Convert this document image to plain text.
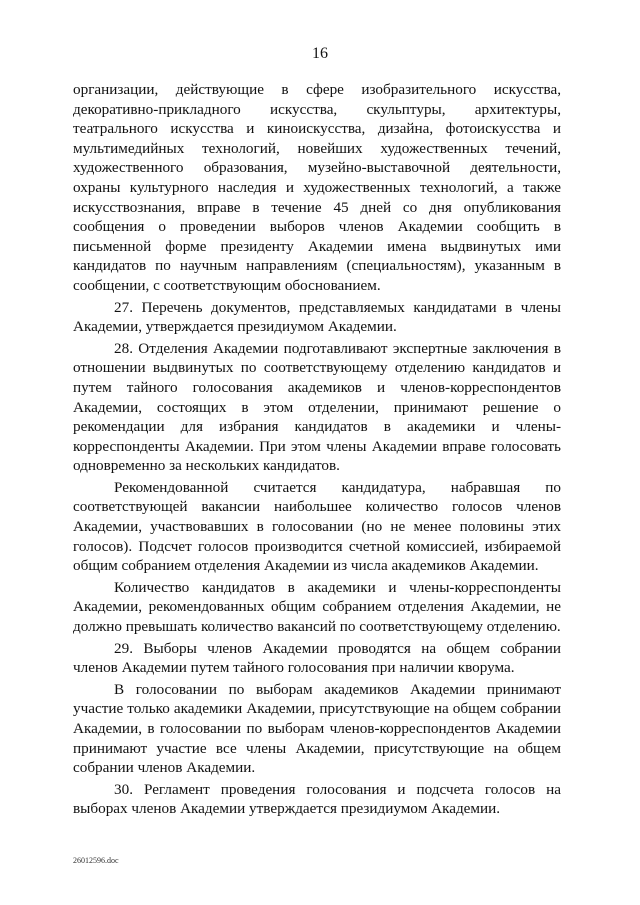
16

организации, действующие в сфере изобразительного искусства, декоративно-прикладного искусства, скульптуры, архитектуры, театрального искусства и киноискусства, дизайна, фотоискусства и мультимедийных технологий, новейших художественных течений, художественного образования, музейно-выставочной деятельности, охраны культурного наследия и художественных технологий, а также искусствознания, вправе в течение 45 дней со дня опубликования сообщения о проведении выборов членов Академии сообщить в письменной форме президенту Академии имена выдвинутых ими кандидатов по научным направлениям (специальностям), указанным в сообщении, с соответствующим обоснованием.

27. Перечень документов, представляемых кандидатами в члены Академии, утверждается президиумом Академии.

28. Отделения Академии подготавливают экспертные заключения в отношении выдвинутых по соответствующему отделению кандидатов и путем тайного голосования академиков и членов-корреспондентов Академии, состоящих в этом отделении, принимают решение о рекомендации для избрания кандидатов в академики и члены-корреспонденты Академии. При этом члены Академии вправе голосовать одновременно за нескольких кандидатов.

Рекомендованной считается кандидатура, набравшая по соответствующей вакансии наибольшее количество голосов членов Академии, участвовавших в голосовании (но не менее половины этих голосов). Подсчет голосов производится счетной комиссией, избираемой общим собранием отделения Академии из числа академиков Академии.

Количество кандидатов в академики и члены-корреспонденты Академии, рекомендованных общим собранием отделения Академии, не должно превышать количество вакансий по соответствующему отделению.

29. Выборы членов Академии проводятся на общем собрании членов Академии путем тайного голосования при наличии кворума.

В голосовании по выборам академиков Академии принимают участие только академики Академии, присутствующие на общем собрании Академии, в голосовании по выборам членов-корреспондентов Академии принимают участие все члены Академии, присутствующие на общем собрании членов Академии.

30. Регламент проведения голосования и подсчета голосов на выборах членов Академии утверждается президиумом Академии.

26012596.doc
